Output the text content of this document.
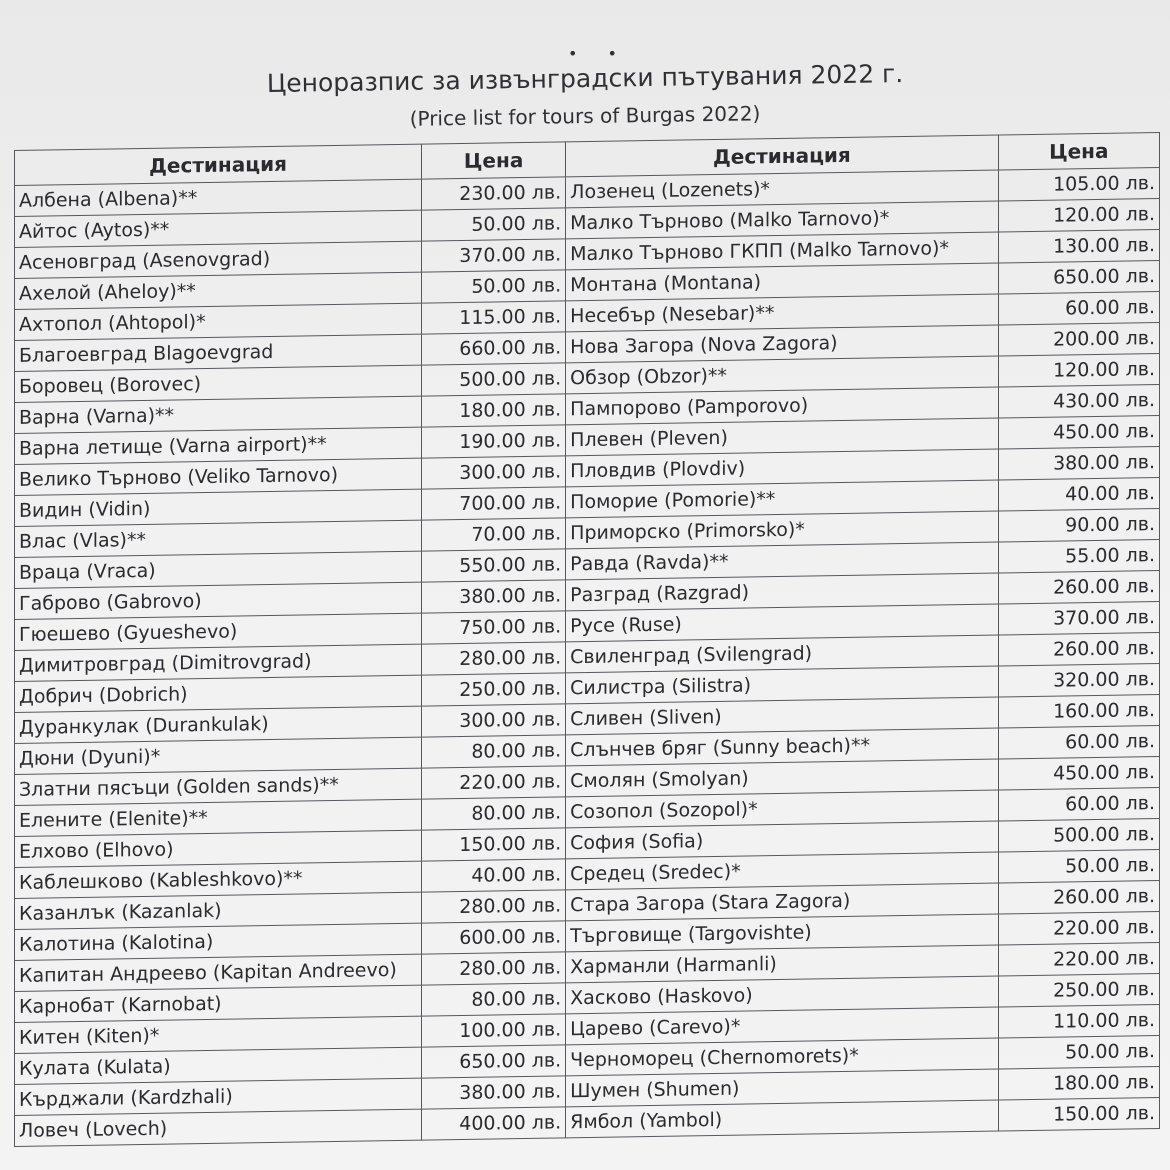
••
Ценоразпис за извънградски пътувания 2022 г.
(Price list for tours of Burgas 2022)
Дестинация	Цена	Дестинация	Цена
Албена (Albena)**	230.00 лв.	Лозенец (Lozenets)*	105.00 лв.
Айтос (Aytos)**	50.00 лв.	Малко Търново (Malko Tarnovo)*	120.00 лв.
Асеновград (Asenovgrad)	370.00 лв.	Малко Търново ГКПП (Malko Tarnovo)*	130.00 лв.
Ахелой (Aheloy)**	50.00 лв.	Монтана (Montana)	650.00 лв.
Ахтопол (Ahtopol)*	115.00 лв.	Несебър (Nesebar)**	60.00 лв.
Благоевград Blagoevgrad	660.00 лв.	Нова Загора (Nova Zagora)	200.00 лв.
Боровец (Borovec)	500.00 лв.	Обзор (Obzor)**	120.00 лв.
Варна (Varna)**	180.00 лв.	Пампорово (Pamporovo)	430.00 лв.
Варна летище (Varna airport)**	190.00 лв.	Плевен (Pleven)	450.00 лв.
Велико Търново (Veliko Tarnovo)	300.00 лв.	Пловдив (Plovdiv)	380.00 лв.
Видин (Vidin)	700.00 лв.	Поморие (Pomorie)**	40.00 лв.
Влас (Vlas)**	70.00 лв.	Приморско (Primorsko)*	90.00 лв.
Враца (Vraca)	550.00 лв.	Равда (Ravda)**	55.00 лв.
Габрово (Gabrovo)	380.00 лв.	Разград (Razgrad)	260.00 лв.
Гюешево (Gyueshevo)	750.00 лв.	Русе (Ruse)	370.00 лв.
Димитровград (Dimitrovgrad)	280.00 лв.	Свиленград (Svilengrad)	260.00 лв.
Добрич (Dobrich)	250.00 лв.	Силистра (Silistra)	320.00 лв.
Дуранкулак (Durankulak)	300.00 лв.	Сливен (Sliven)	160.00 лв.
Дюни (Dyuni)*	80.00 лв.	Слънчев бряг (Sunny beach)**	60.00 лв.
Златни пясъци (Golden sands)**	220.00 лв.	Смолян (Smolyan)	450.00 лв.
Елените (Elenite)**	80.00 лв.	Созопол (Sozopol)*	60.00 лв.
Елхово (Elhovo)	150.00 лв.	София (Sofia)	500.00 лв.
Каблешково (Kableshkovo)**	40.00 лв.	Средец (Sredec)*	50.00 лв.
Казанлък (Kazanlak)	280.00 лв.	Стара Загора (Stara Zagora)	260.00 лв.
Калотина (Kalotina)	600.00 лв.	Търговище (Targovishte)	220.00 лв.
Капитан Андреево (Kapitan Andreevo)	280.00 лв.	Харманли (Harmanli)	220.00 лв.
Карнобат (Karnobat)	80.00 лв.	Хасково (Haskovo)	250.00 лв.
Китен (Kiten)*	100.00 лв.	Царево (Carevo)*	110.00 лв.
Кулата (Kulata)	650.00 лв.	Черноморец (Chernomorets)*	50.00 лв.
Кърджали (Kardzhali)	380.00 лв.	Шумен (Shumen)	180.00 лв.
Ловеч (Lovech)	400.00 лв.	Ямбол (Yambol)	150.00 лв.
